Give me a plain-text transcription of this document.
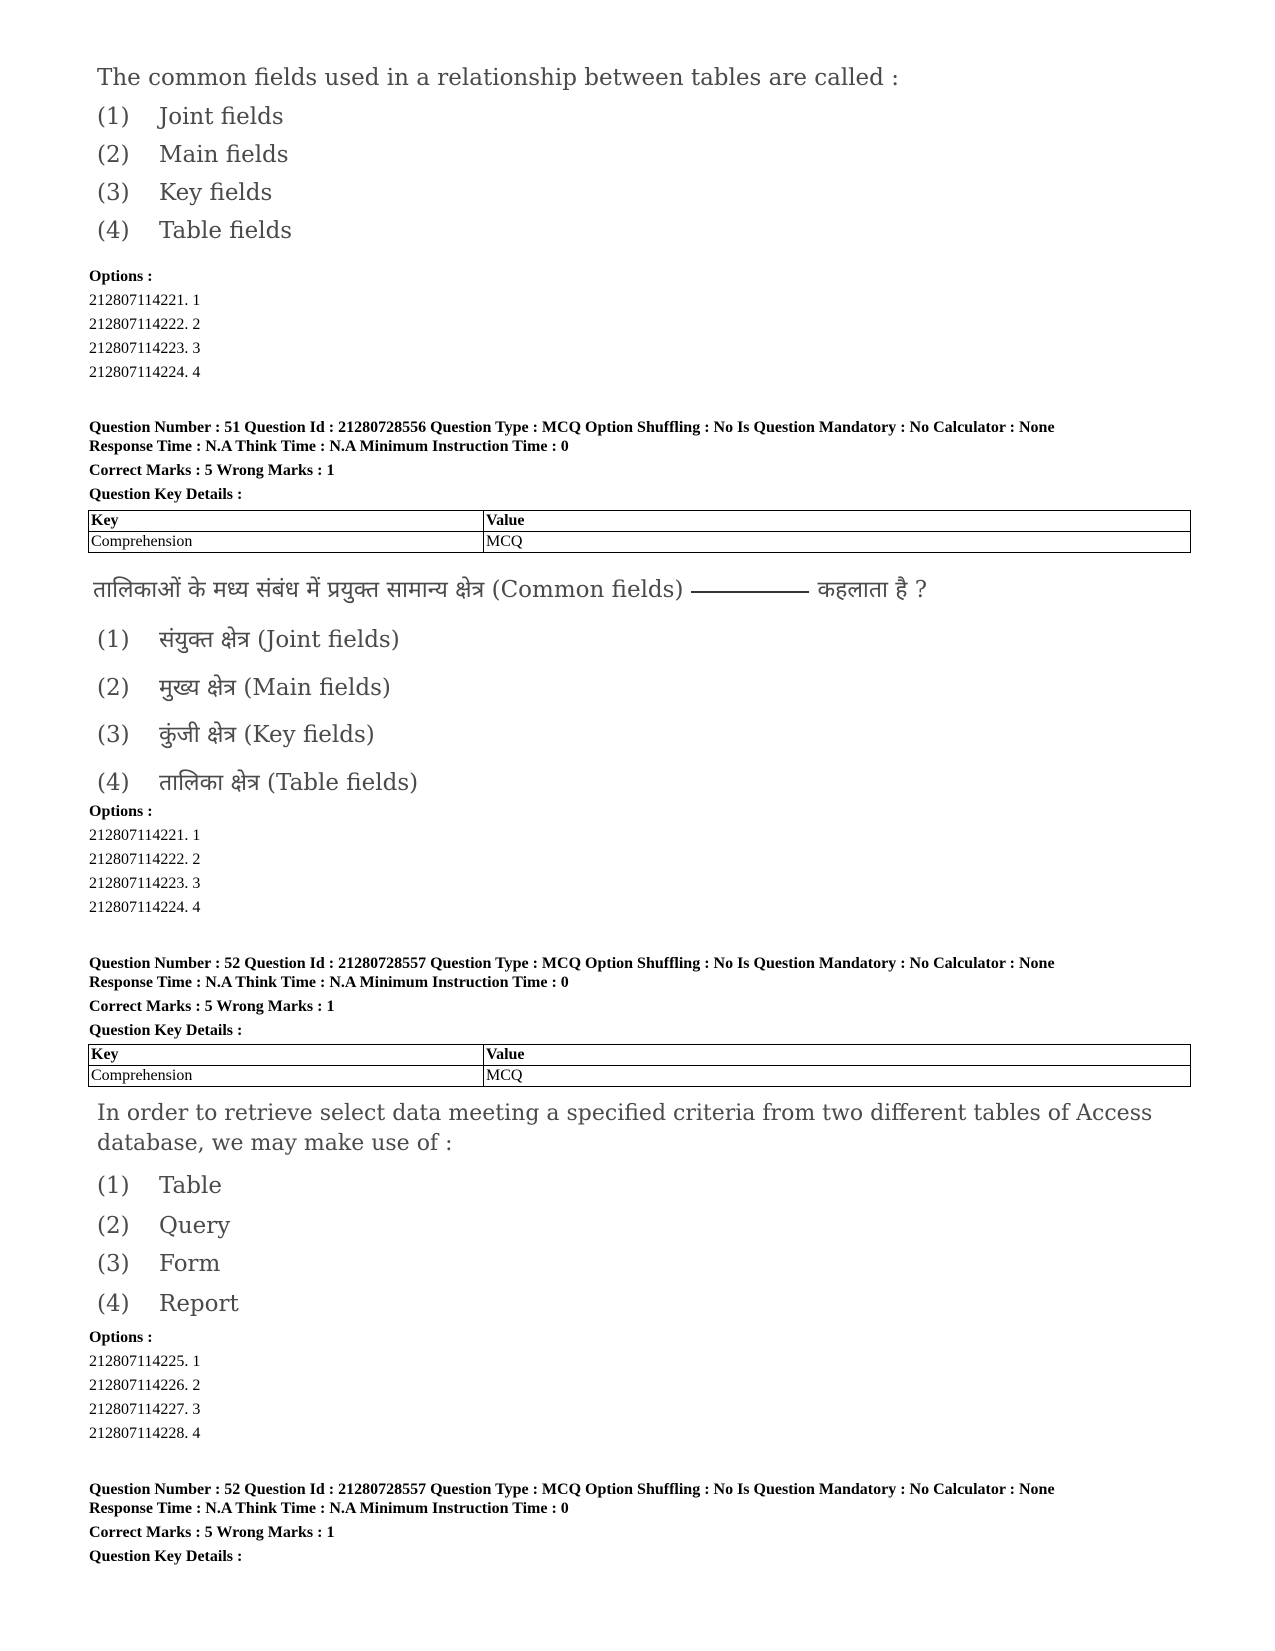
The common fields used in a relationship between tables are called :
(1) Joint fields
(2) Main fields
(3) Key fields
(4) Table fields
Options :
212807114221. 1
212807114222. 2
212807114223. 3
212807114224. 4
Question Number : 51 Question Id : 21280728556 Question Type : MCQ Option Shuffling : No Is Question Mandatory : No Calculator : None
Response Time : N.A Think Time : N.A Minimum Instruction Time : 0
Correct Marks : 5 Wrong Marks : 1
Question Key Details :
Key	Value
Comprehension	MCQ
तालिकाओं के मध्य संबंध में प्रयुक्त सामान्य क्षेत्र (Common fields)	कहलाता है ?
(1) संयुक्त क्षेत्र (Joint fields)
(2) मुख्य क्षेत्र (Main fields)
(3) कुंजी क्षेत्र (Key fields)
(4) तालिका क्षेत्र (Table fields)
Options :
212807114221. 1
212807114222. 2
212807114223. 3
212807114224. 4
Question Number : 52 Question Id : 21280728557 Question Type : MCQ Option Shuffling : No Is Question Mandatory : No Calculator : None
Response Time : N.A Think Time : N.A Minimum Instruction Time : 0
Correct Marks : 5 Wrong Marks : 1
Question Key Details :
Key	Value
Comprehension	MCQ
In order to retrieve select data meeting a specified criteria from two different tables of Access
database, we may make use of :
(1) Table
(2) Query
(3) Form
(4) Report
Options :
212807114225. 1
212807114226. 2
212807114227. 3
212807114228. 4
Question Number : 52 Question Id : 21280728557 Question Type : MCQ Option Shuffling : No Is Question Mandatory : No Calculator : None
Response Time : N.A Think Time : N.A Minimum Instruction Time : 0
Correct Marks : 5 Wrong Marks : 1
Question Key Details :
